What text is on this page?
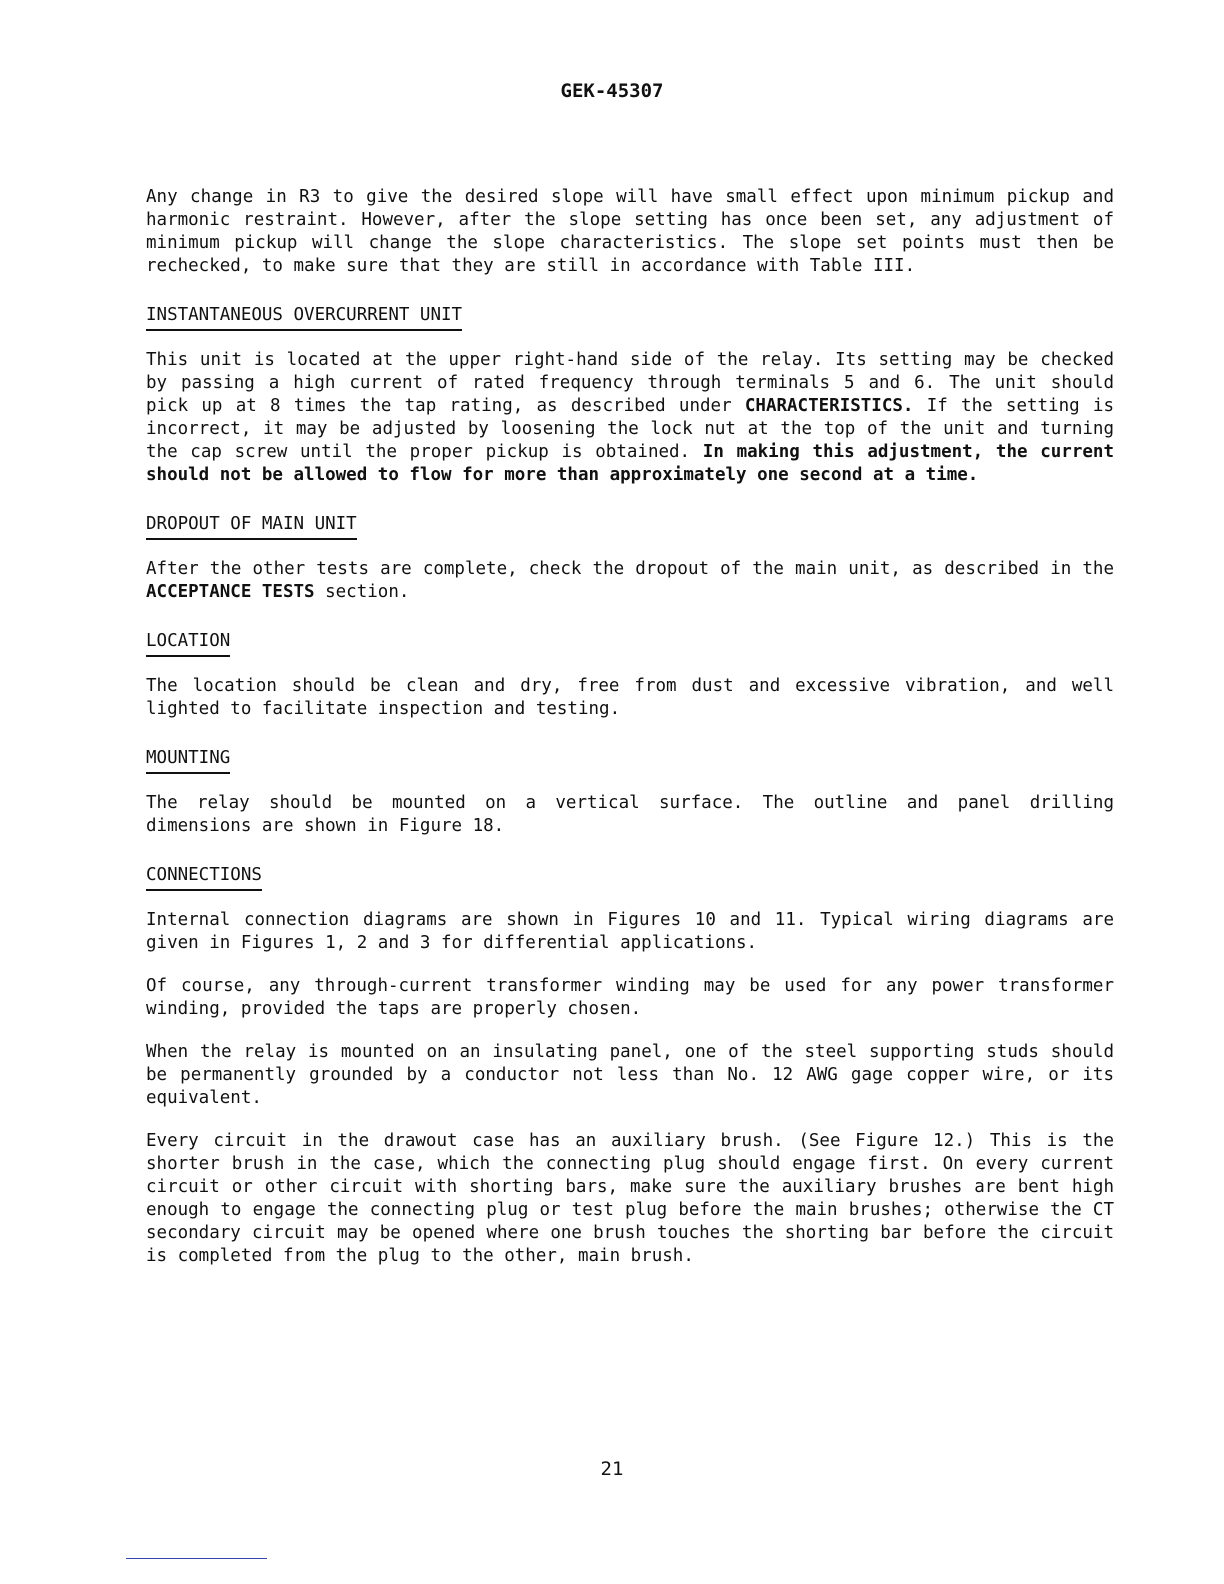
GEK-45307

Any change in R3 to give the desired slope will have small effect upon minimum pickup and harmonic restraint. However, after the slope setting has once been set, any adjustment of minimum pickup will change the slope characteristics. The slope set points must then be rechecked, to make sure that they are still in accordance with Table III.

INSTANTANEOUS OVERCURRENT UNIT

This unit is located at the upper right-hand side of the relay. Its setting may be checked by passing a high current of rated frequency through terminals 5 and 6. The unit should pick up at 8 times the tap rating, as described under CHARACTERISTICS. If the setting is incorrect, it may be adjusted by loosening the lock nut at the top of the unit and turning the cap screw until the proper pickup is obtained. In making this adjustment, the current should not be allowed to flow for more than approximately one second at a time.

DROPOUT OF MAIN UNIT

After the other tests are complete, check the dropout of the main unit, as described in the ACCEPTANCE TESTS section.

LOCATION

The location should be clean and dry, free from dust and excessive vibration, and well lighted to facilitate inspection and testing.

MOUNTING

The relay should be mounted on a vertical surface. The outline and panel drilling dimensions are shown in Figure 18.

CONNECTIONS

Internal connection diagrams are shown in Figures 10 and 11. Typical wiring diagrams are given in Figures 1, 2 and 3 for differential applications.

Of course, any through-current transformer winding may be used for any power transformer winding, provided the taps are properly chosen.

When the relay is mounted on an insulating panel, one of the steel supporting studs should be permanently grounded by a conductor not less than No. 12 AWG gage copper wire, or its equivalent.

Every circuit in the drawout case has an auxiliary brush. (See Figure 12.) This is the shorter brush in the case, which the connecting plug should engage first. On every current circuit or other circuit with shorting bars, make sure the auxiliary brushes are bent high enough to engage the connecting plug or test plug before the main brushes; otherwise the CT secondary circuit may be opened where one brush touches the shorting bar before the circuit is completed from the plug to the other, main brush.

21
